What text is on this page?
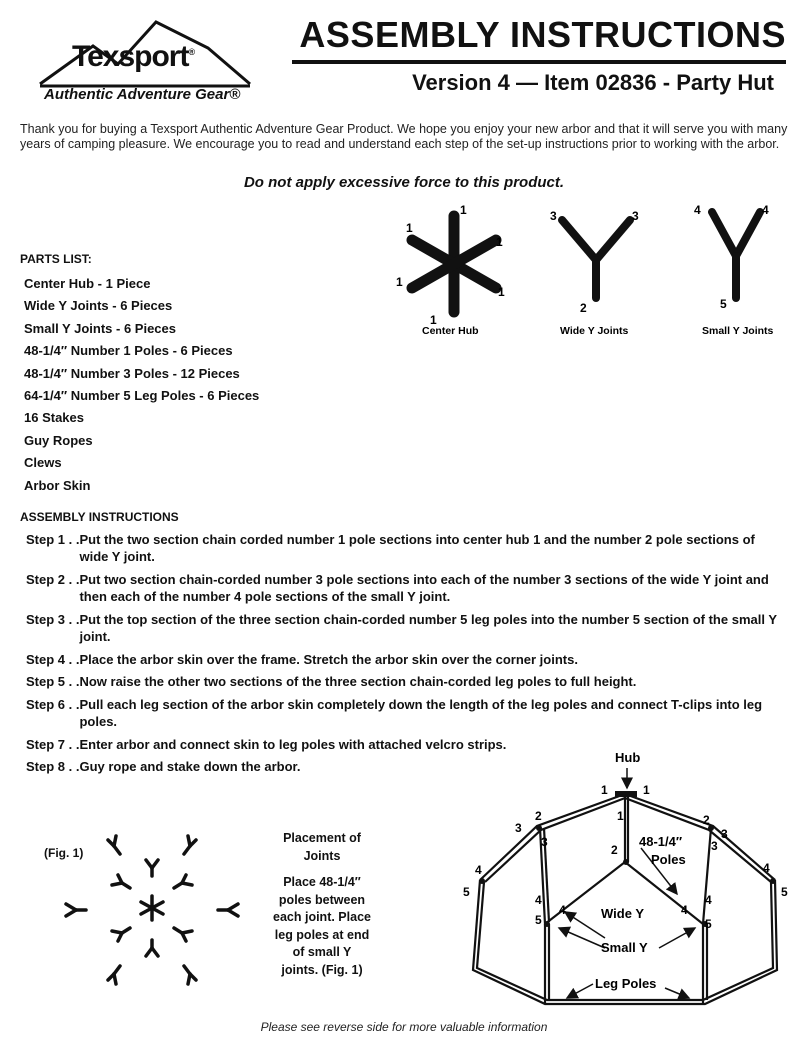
Texsport®
Authentic Adventure Gear®
ASSEMBLY INSTRUCTIONS
Version 4 — Item 02836 - Party Hut
Thank you for buying a Texsport Authentic Adventure Gear Product. We hope you enjoy your new arbor and that it will serve you with many years of camping pleasure. We encourage you to read and understand each step of the set-up instructions prior to working with the arbor.
Do not apply excessive force to this product.
PARTS LIST:
Center Hub - 1 Piece
Wide Y Joints - 6 Pieces
Small Y Joints - 6 Pieces
48-1/4″ Number 1 Poles - 6 Pieces
48-1/4″ Number 3 Poles - 12 Pieces
64-1/4″ Number 5 Leg Poles - 6 Pieces
16 Stakes
Guy Ropes
Clews
Arbor Skin
1
1
1
1
1
1
Center Hub
3	3
2
Wide Y Joints
4	4
5
Small Y Joints
ASSEMBLY INSTRUCTIONS
Step 1 . . Put the two section chain corded number 1 pole sections into center hub 1 and the number 2 pole sections of wide Y joint.
Step 2 . . Put two section chain-corded number 3 pole sections into each of the number 3 sections of the wide Y joint and then each of the number 4 pole sections of the small Y joint.
Step 3 . . Put the top section of the three section chain-corded number 5 leg poles into the number 5 section of the small Y joint.
Step 4 . . Place the arbor skin over the frame. Stretch the arbor skin over the corner joints.
Step 5 . . Now raise the other two sections of the three section chain-corded leg poles to full height.
Step 6 . . Pull each leg section of the arbor skin completely down the length of the leg poles and connect T-clips into leg poles.
Step 7 . . Enter arbor and connect skin to leg poles with attached velcro strips.
Step 8 . . Guy rope and stake down the arbor.
(Fig. 1)
Placement of
Joints
Place 48-1/4″
poles between
each joint. Place
leg poles at end
of small Y
joints. (Fig. 1)
Hub
1	1
1
2
2	2
3
3
3
3
4
5
4
5
4
5
4	4
4
5
48-1/4″
Poles
Wide Y
Small Y
Leg Poles
Please see reverse side for more valuable information
